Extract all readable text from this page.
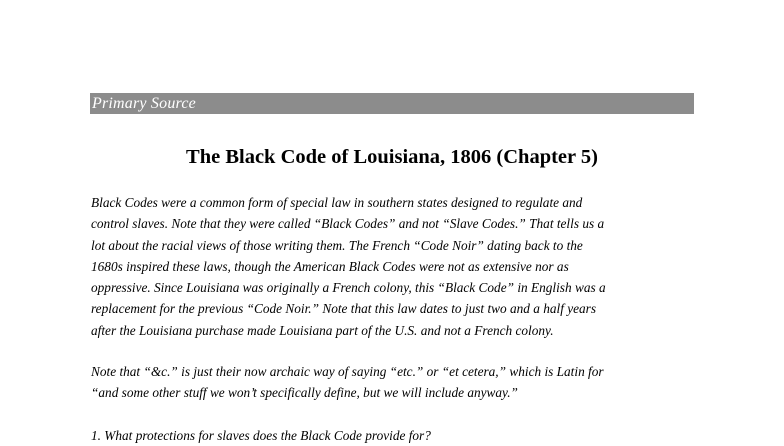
Primary Source
The Black Code of Louisiana, 1806 (Chapter 5)
Black Codes were a common form of special law in southern states designed to regulate and
control slaves. Note that they were called “Black Codes” and not “Slave Codes.” That tells us a
lot about the racial views of those writing them. The French “Code Noir” dating back to the
1680s inspired these laws, though the American Black Codes were not as extensive nor as
oppressive. Since Louisiana was originally a French colony, this “Black Code” in English was a
replacement for the previous “Code Noir.” Note that this law dates to just two and a half years
after the Louisiana purchase made Louisiana part of the U.S. and not a French colony.
Note that “&c.” is just their now archaic way of saying “etc.” or “et cetera,” which is Latin for
“and some other stuff we won’t specifically define, but we will include anyway.”
1. What protections for slaves does the Black Code provide for?
